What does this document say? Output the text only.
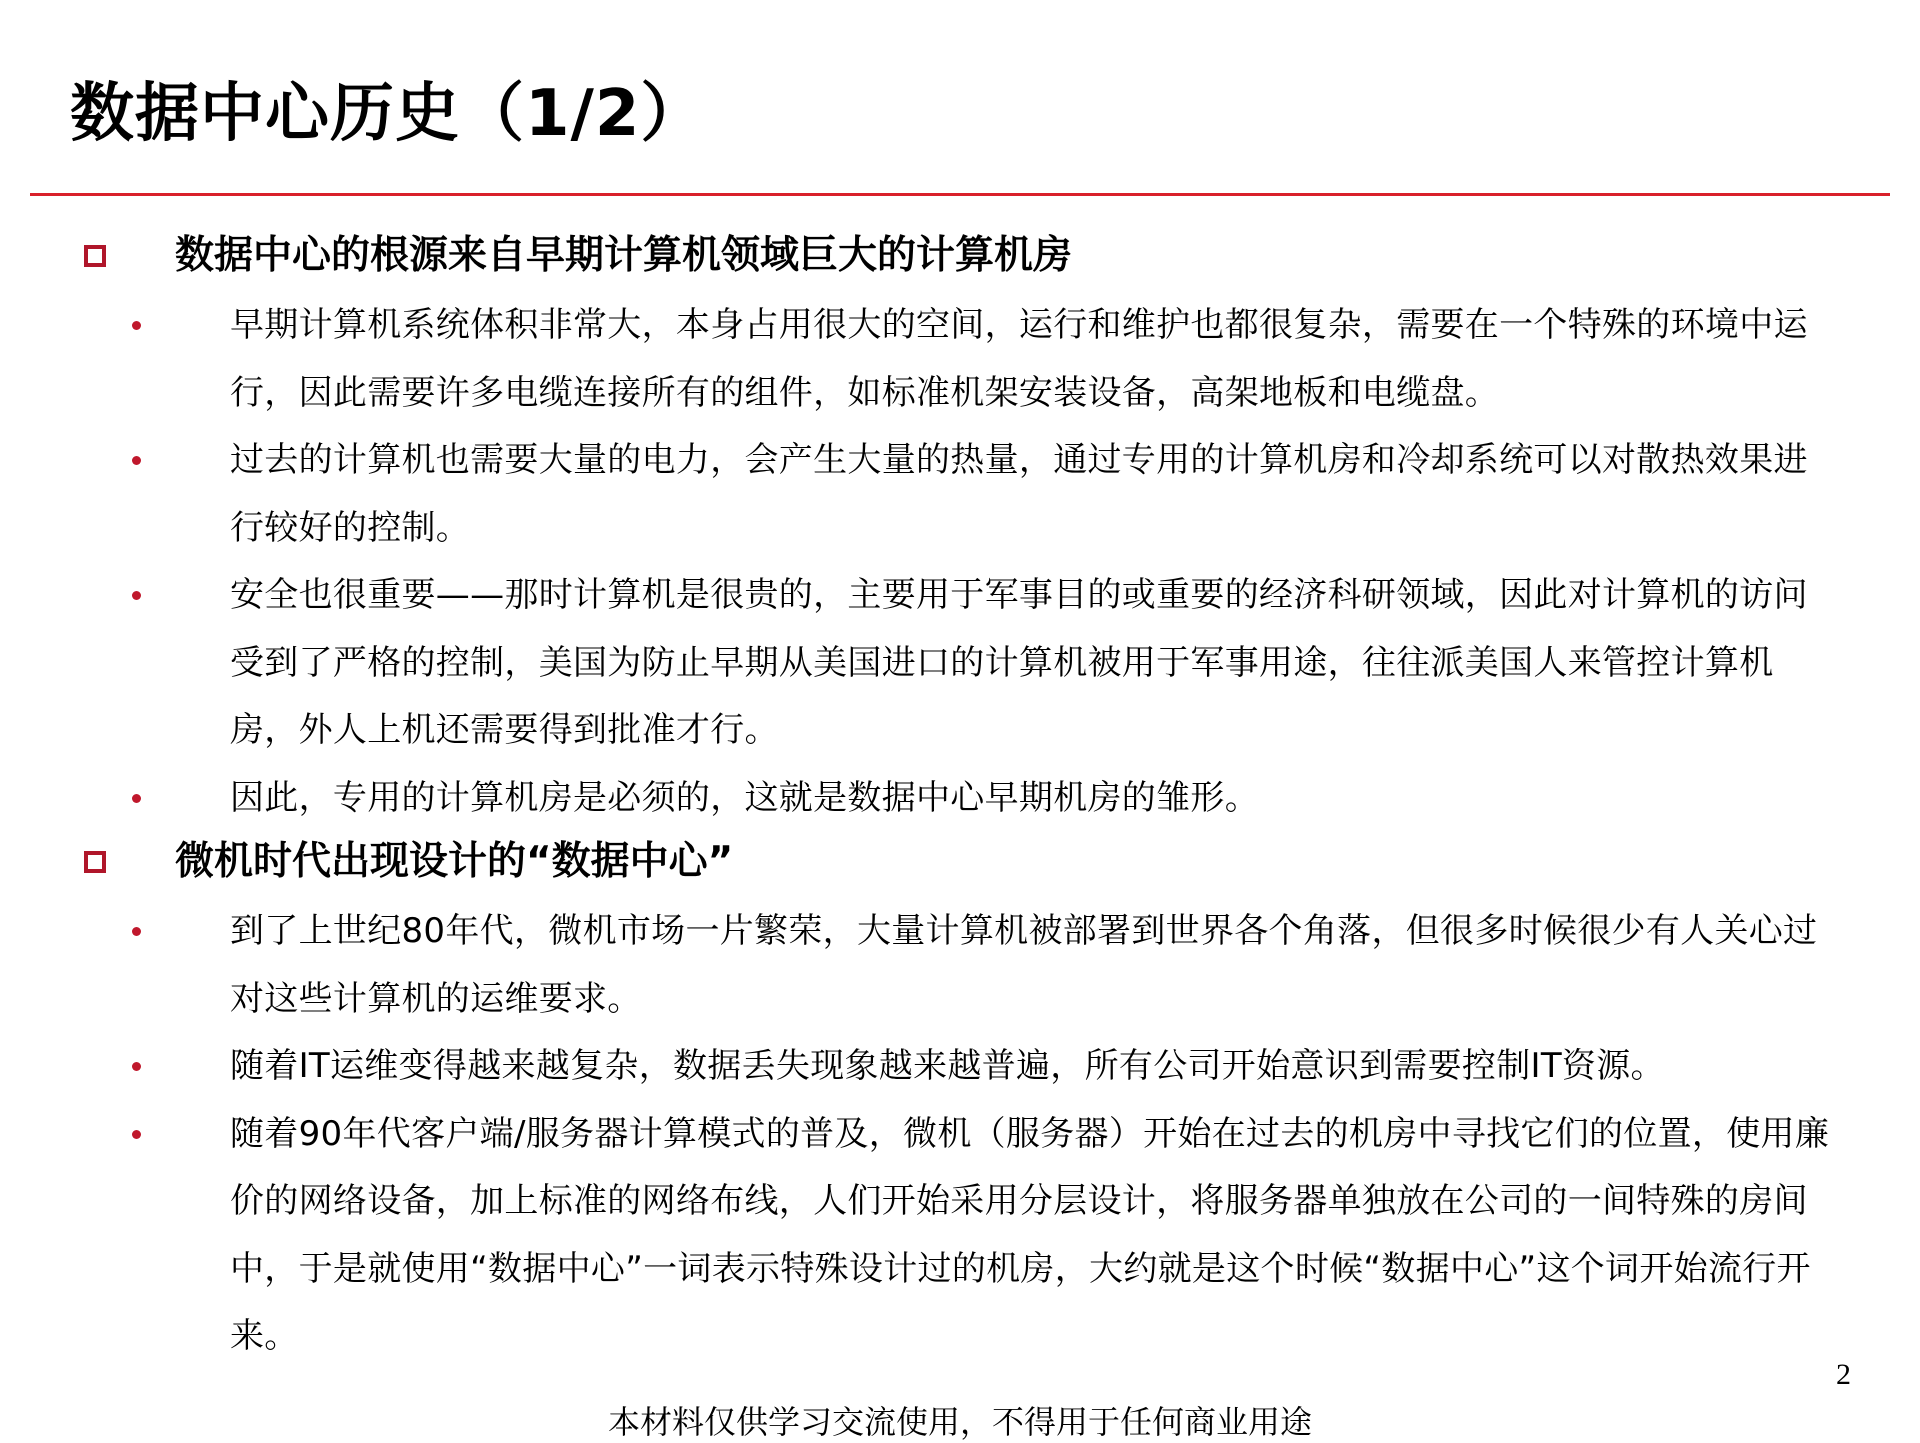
数据中心历史（1/2）
数据中心的根源来自早期计算机领域巨大的计算机房
早期计算机系统体积非常大，本身占用很大的空间，运行和维护也都很复杂，需要在一个特殊的环境中运行，因此需要许多电缆连接所有的组件，如标准机架安装设备，高架地板和电缆盘。
过去的计算机也需要大量的电力，会产生大量的热量，通过专用的计算机房和冷却系统可以对散热效果进行较好的控制。
安全也很重要——那时计算机是很贵的，主要用于军事目的或重要的经济科研领域，因此对计算机的访问受到了严格的控制，美国为防止早期从美国进口的计算机被用于军事用途，往往派美国人来管控计算机房，外人上机还需要得到批准才行。
因此，专用的计算机房是必须的，这就是数据中心早期机房的雏形。
微机时代出现设计的“数据中心”
到了上世纪80年代，微机市场一片繁荣，大量计算机被部署到世界各个角落，但很多时候很少有人关心过对这些计算机的运维要求。
随着IT运维变得越来越复杂，数据丢失现象越来越普遍，所有公司开始意识到需要控制IT资源。
随着90年代客户端/服务器计算模式的普及，微机（服务器）开始在过去的机房中寻找它们的位置，使用廉价的网络设备，加上标准的网络布线，人们开始采用分层设计，将服务器单独放在公司的一间特殊的房间中，于是就使用“数据中心”一词表示特殊设计过的机房，大约就是这个时候“数据中心”这个词开始流行开来。
2
本材料仅供学习交流使用，不得用于任何商业用途
